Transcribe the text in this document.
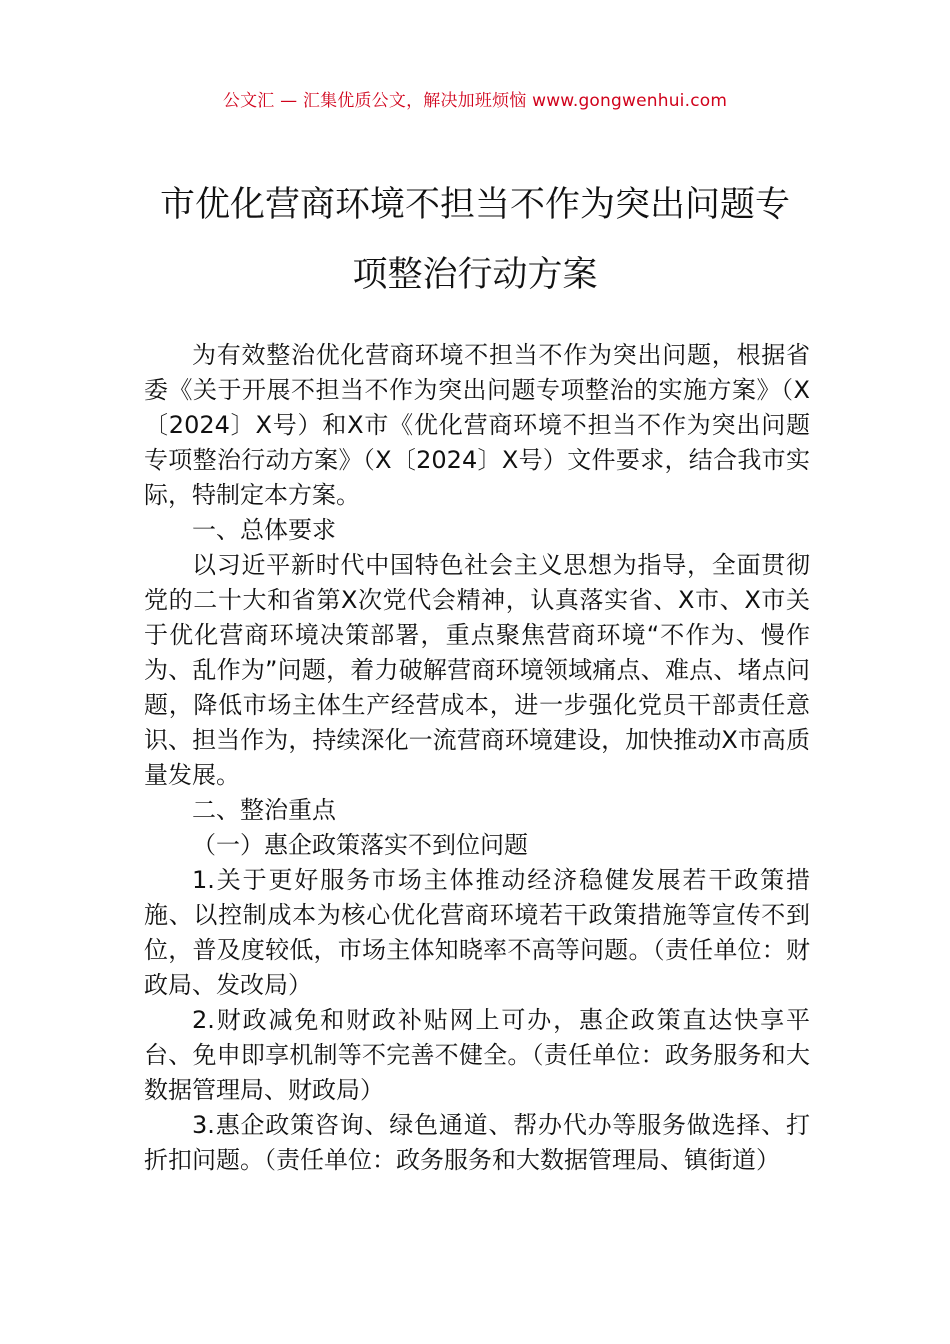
公文汇 — 汇集优质公文，解决加班烦恼 www.gongwenhui.com
市优化营商环境不担当不作为突出问题专
项整治行动方案

为有效整治优化营商环境不担当不作为突出问题，根据省委《关于开展不担当不作为突出问题专项整治的实施方案》（X〔2024〕X号）和X市《优化营商环境不担当不作为突出问题专项整治行动方案》（X〔2024〕X号）文件要求，结合我市实际，特制定本方案。

一、总体要求

以习近平新时代中国特色社会主义思想为指导，全面贯彻党的二十大和省第X次党代会精神，认真落实省、X市、X市关于优化营商环境决策部署，重点聚焦营商环境“不作为、慢作为、乱作为”问题，着力破解营商环境领域痛点、难点、堵点问题，降低市场主体生产经营成本，进一步强化党员干部责任意识、担当作为，持续深化一流营商环境建设，加快推动X市高质量发展。

二、整治重点

（一）惠企政策落实不到位问题

1.关于更好服务市场主体推动经济稳健发展若干政策措施、以控制成本为核心优化营商环境若干政策措施等宣传不到位，普及度较低，市场主体知晓率不高等问题。（责任单位：财政局、发改局）

2.财政减免和财政补贴网上可办，惠企政策直达快享平台、免申即享机制等不完善不健全。（责任单位：政务服务和大数据管理局、财政局）

3.惠企政策咨询、绿色通道、帮办代办等服务做选择、打折扣问题。（责任单位：政务服务和大数据管理局、镇街道）
